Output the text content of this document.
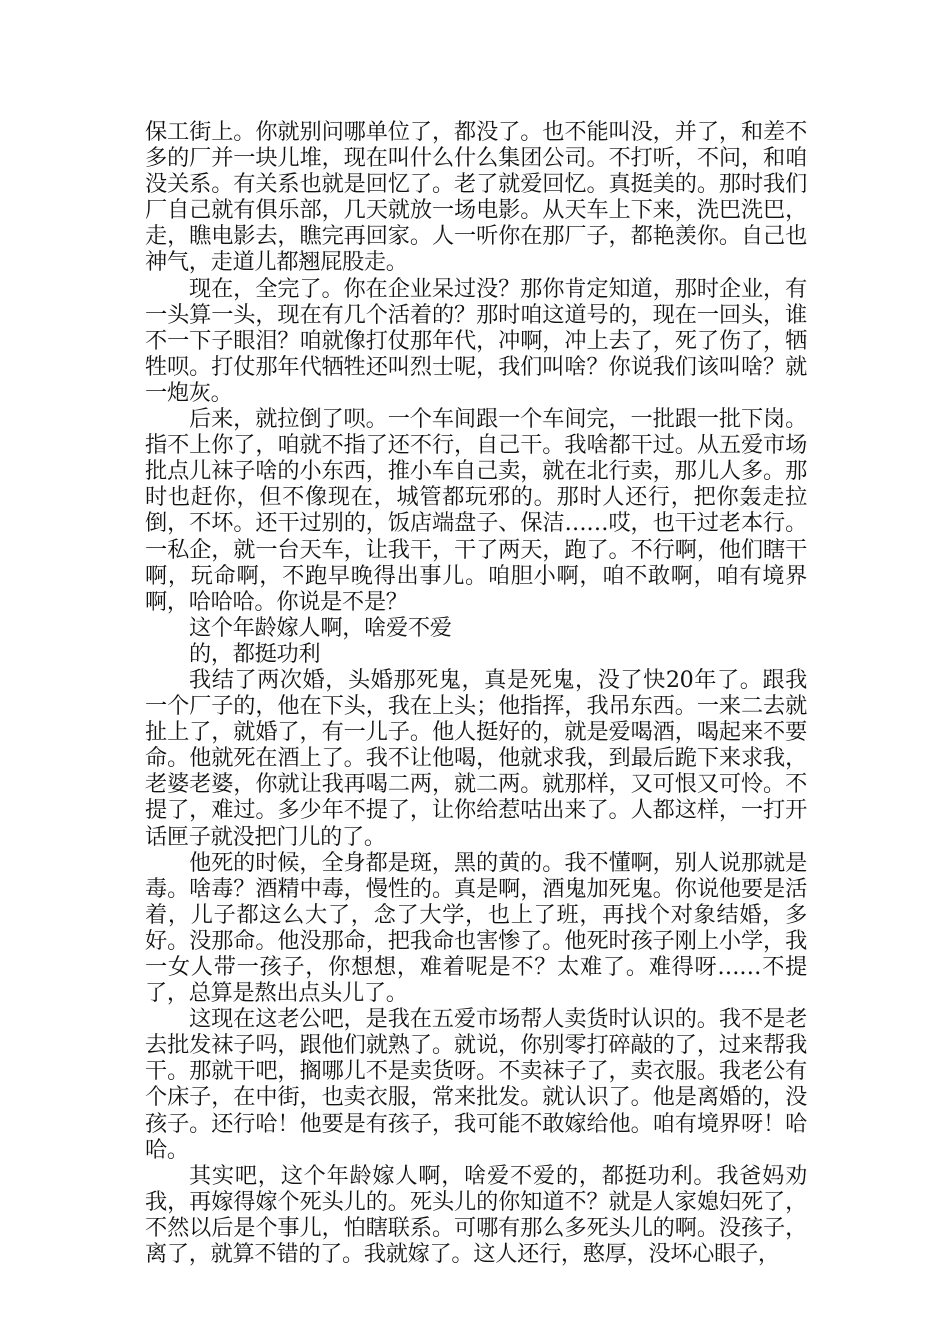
保工街上。你就别问哪单位了，都没了。也不能叫没，并了，和差不多的厂并一块儿堆，现在叫什么什么集团公司。不打听，不问，和咱没关系。有关系也就是回忆了。老了就爱回忆。真挺美的。那时我们厂自己就有俱乐部，几天就放一场电影。从天车上下来，洗巴洗巴，走，瞧电影去，瞧完再回家。人一听你在那厂子，都艳羡你。自己也神气，走道儿都翘屁股走。

现在，全完了。你在企业呆过没？那你肯定知道，那时企业，有一头算一头，现在有几个活着的？那时咱这道号的，现在一回头，谁不一下子眼泪？咱就像打仗那年代，冲啊，冲上去了，死了伤了，牺牲呗。打仗那年代牺牲还叫烈士呢，我们叫啥？你说我们该叫啥？就一炮灰。

后来，就拉倒了呗。一个车间跟一个车间完，一批跟一批下岗。指不上你了，咱就不指了还不行，自己干。我啥都干过。从五爱市场批点儿袜子啥的小东西，推小车自己卖，就在北行卖，那儿人多。那时也赶你，但不像现在，城管都玩邪的。那时人还行，把你轰走拉倒，不坏。还干过别的，饭店端盘子、保洁……哎，也干过老本行。一私企，就一台天车，让我干，干了两天，跑了。不行啊，他们瞎干啊，玩命啊，不跑早晚得出事儿。咱胆小啊，咱不敢啊，咱有境界啊，哈哈哈。你说是不是？

这个年龄嫁人啊，啥爱不爱

的，都挺功利

我结了两次婚，头婚那死鬼，真是死鬼，没了快20年了。跟我一个厂子的，他在下头，我在上头；他指挥，我吊东西。一来二去就扯上了，就婚了，有一儿子。他人挺好的，就是爱喝酒，喝起来不要命。他就死在酒上了。我不让他喝，他就求我，到最后跪下来求我，老婆老婆，你就让我再喝二两，就二两。就那样，又可恨又可怜。不提了，难过。多少年不提了，让你给惹咕出来了。人都这样，一打开话匣子就没把门儿的了。

他死的时候，全身都是斑，黑的黄的。我不懂啊，别人说那就是毒。啥毒？酒精中毒，慢性的。真是啊，酒鬼加死鬼。你说他要是活着，儿子都这么大了，念了大学，也上了班，再找个对象结婚，多好。没那命。他没那命，把我命也害惨了。他死时孩子刚上小学，我一女人带一孩子，你想想，难着呢是不？太难了。难得呀……不提了，总算是熬出点头儿了。

这现在这老公吧，是我在五爱市场帮人卖货时认识的。我不是老去批发袜子吗，跟他们就熟了。就说，你别零打碎敲的了，过来帮我干。那就干吧，搁哪儿不是卖货呀。不卖袜子了，卖衣服。我老公有个床子，在中街，也卖衣服，常来批发。就认识了。他是离婚的，没孩子。还行哈！他要是有孩子，我可能不敢嫁给他。咱有境界呀！哈哈。

其实吧，这个年龄嫁人啊，啥爱不爱的，都挺功利。我爸妈劝我，再嫁得嫁个死头儿的。死头儿的你知道不？就是人家媳妇死了，不然以后是个事儿，怕瞎联系。可哪有那么多死头儿的啊。没孩子，离了，就算不错的了。我就嫁了。这人还行，憨厚，没坏心眼子，
